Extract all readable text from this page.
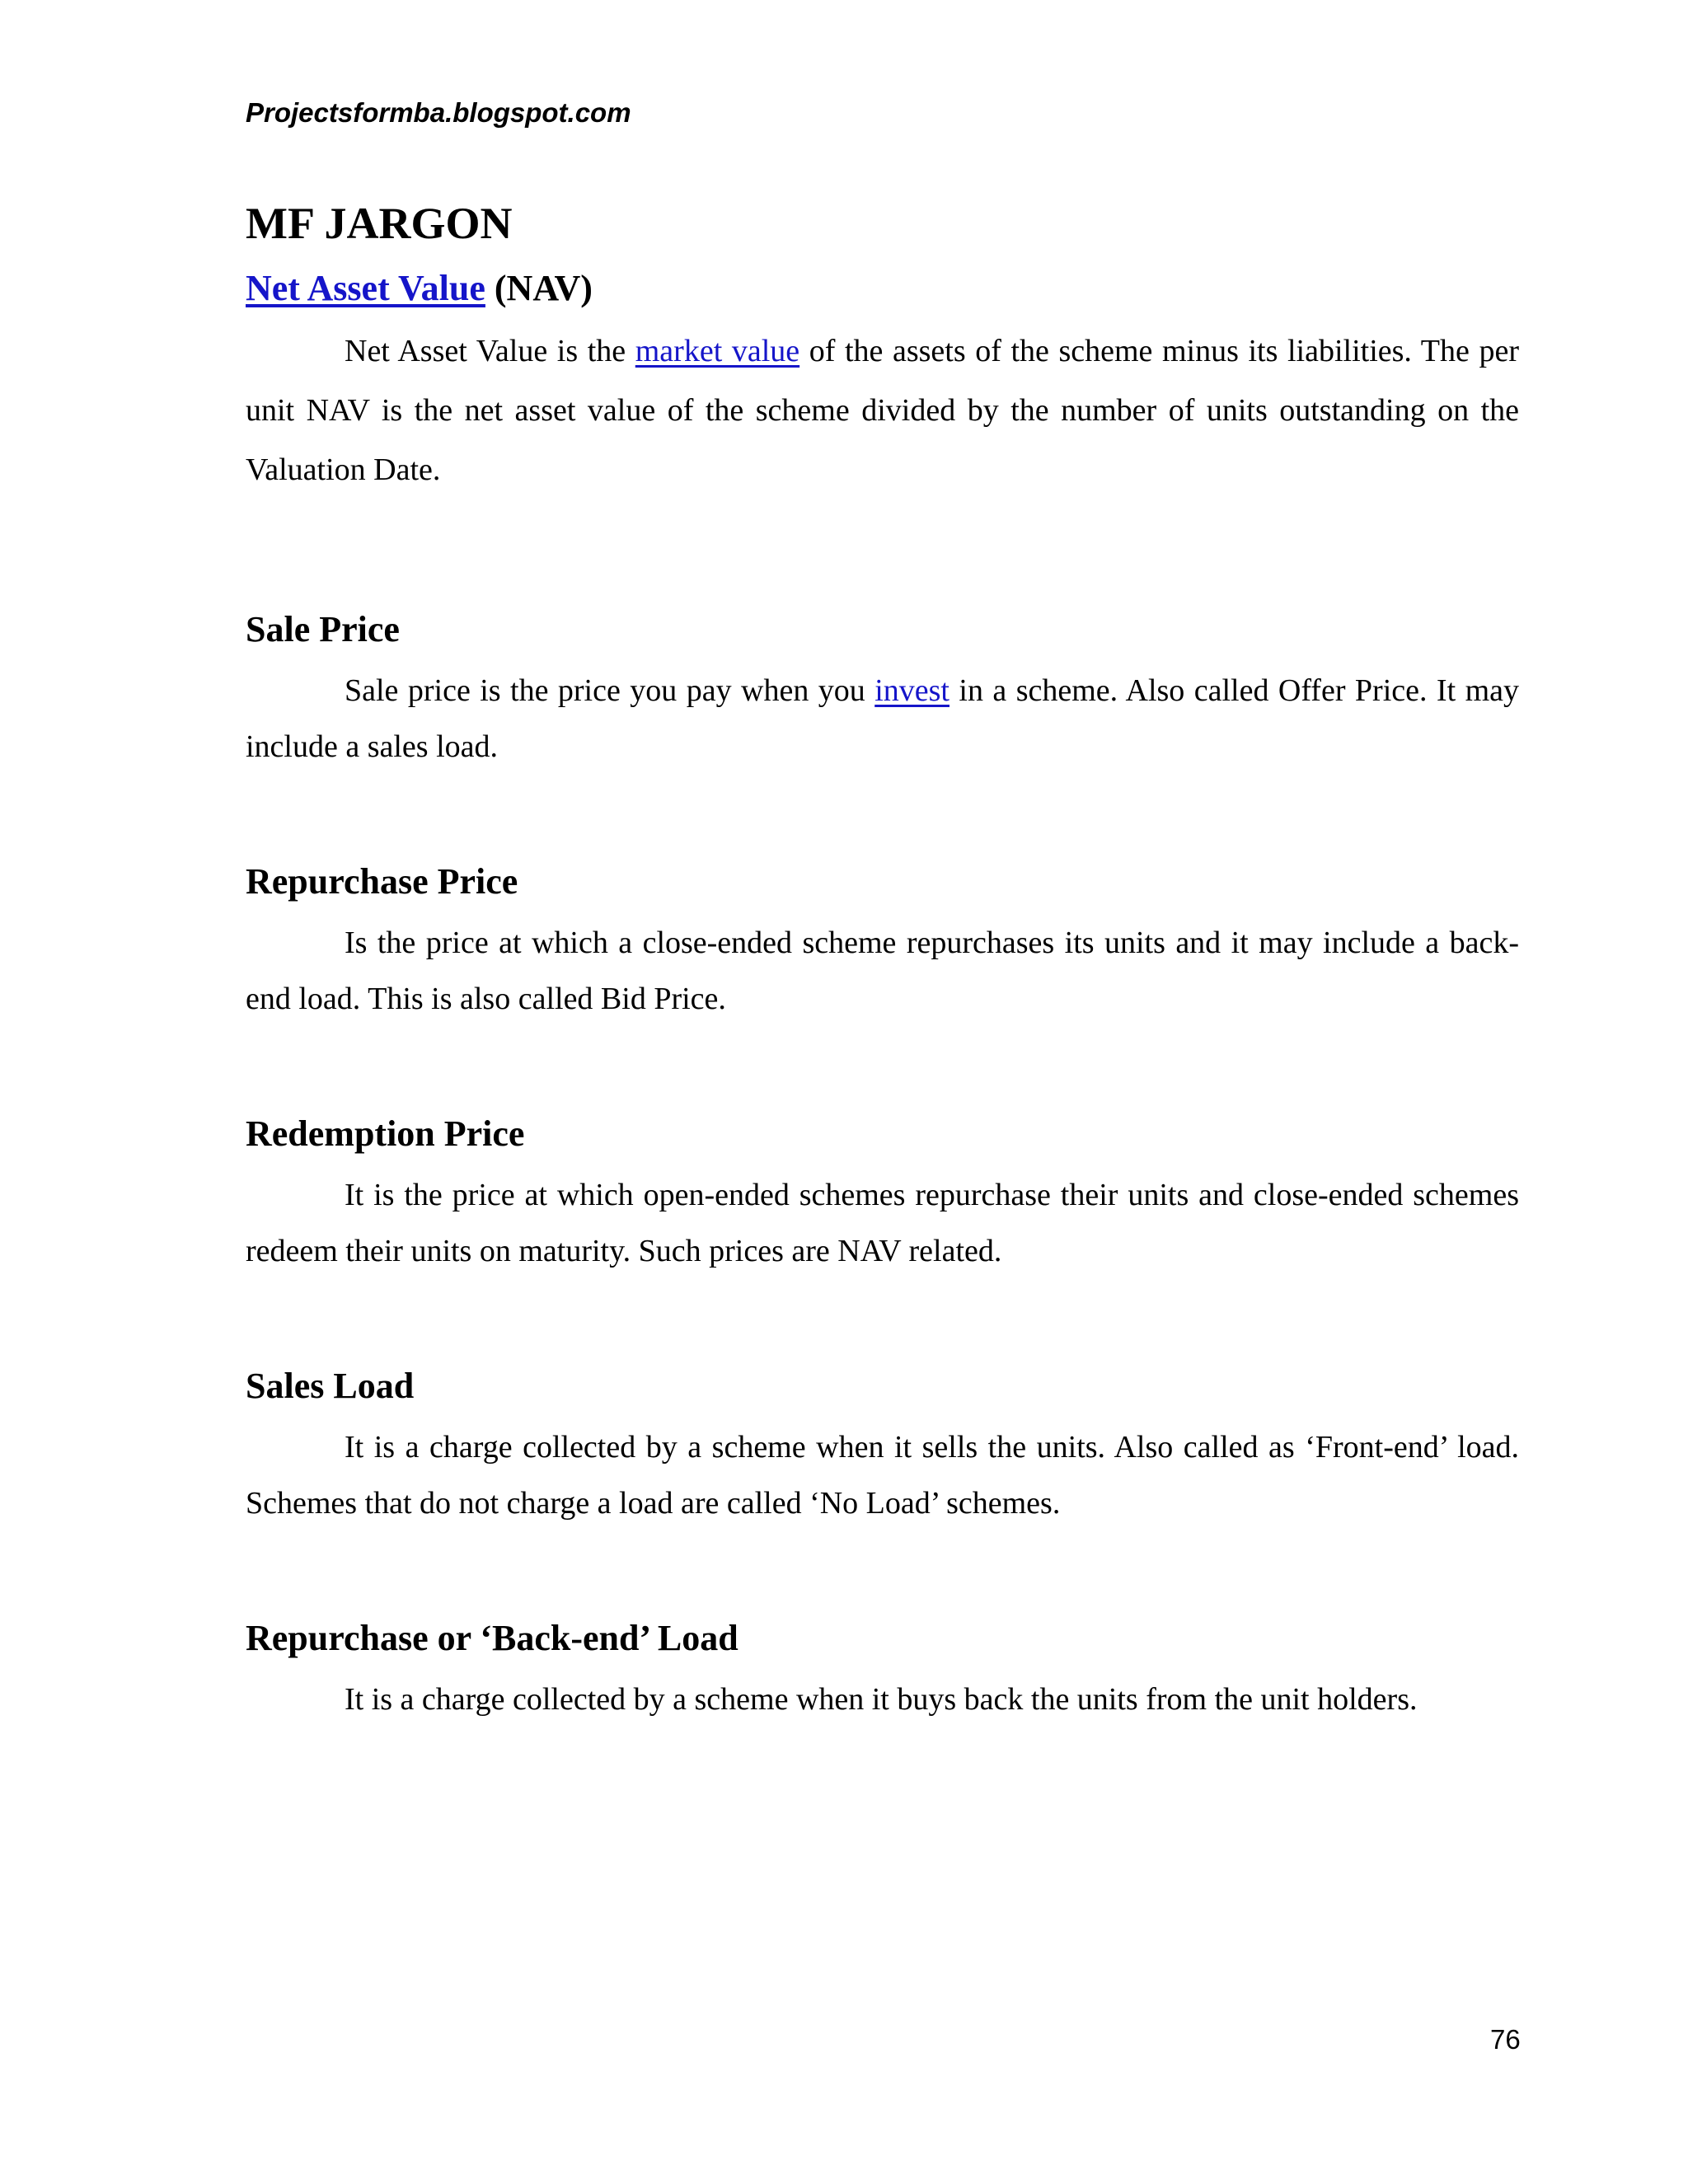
Projectsformba.blogspot.com
MF JARGON
Net Asset Value (NAV)

Net Asset Value is the market value of the assets of the scheme minus its liabilities. The per unit NAV is the net asset value of the scheme divided by the number of units outstanding on the Valuation Date.

Sale Price

Sale price is the price you pay when you invest in a scheme. Also called Offer Price. It may include a sales load.

Repurchase Price

Is the price at which a close-ended scheme repurchases its units and it may include a back-end load. This is also called Bid Price.

Redemption Price

It is the price at which open-ended schemes repurchase their units and close-ended schemes redeem their units on maturity. Such prices are NAV related.

Sales Load

It is a charge collected by a scheme when it sells the units. Also called as ‘Front-end’ load. Schemes that do not charge a load are called ‘No Load’ schemes.

Repurchase or ‘Back-end’ Load

It is a charge collected by a scheme when it buys back the units from the unit holders.

76
